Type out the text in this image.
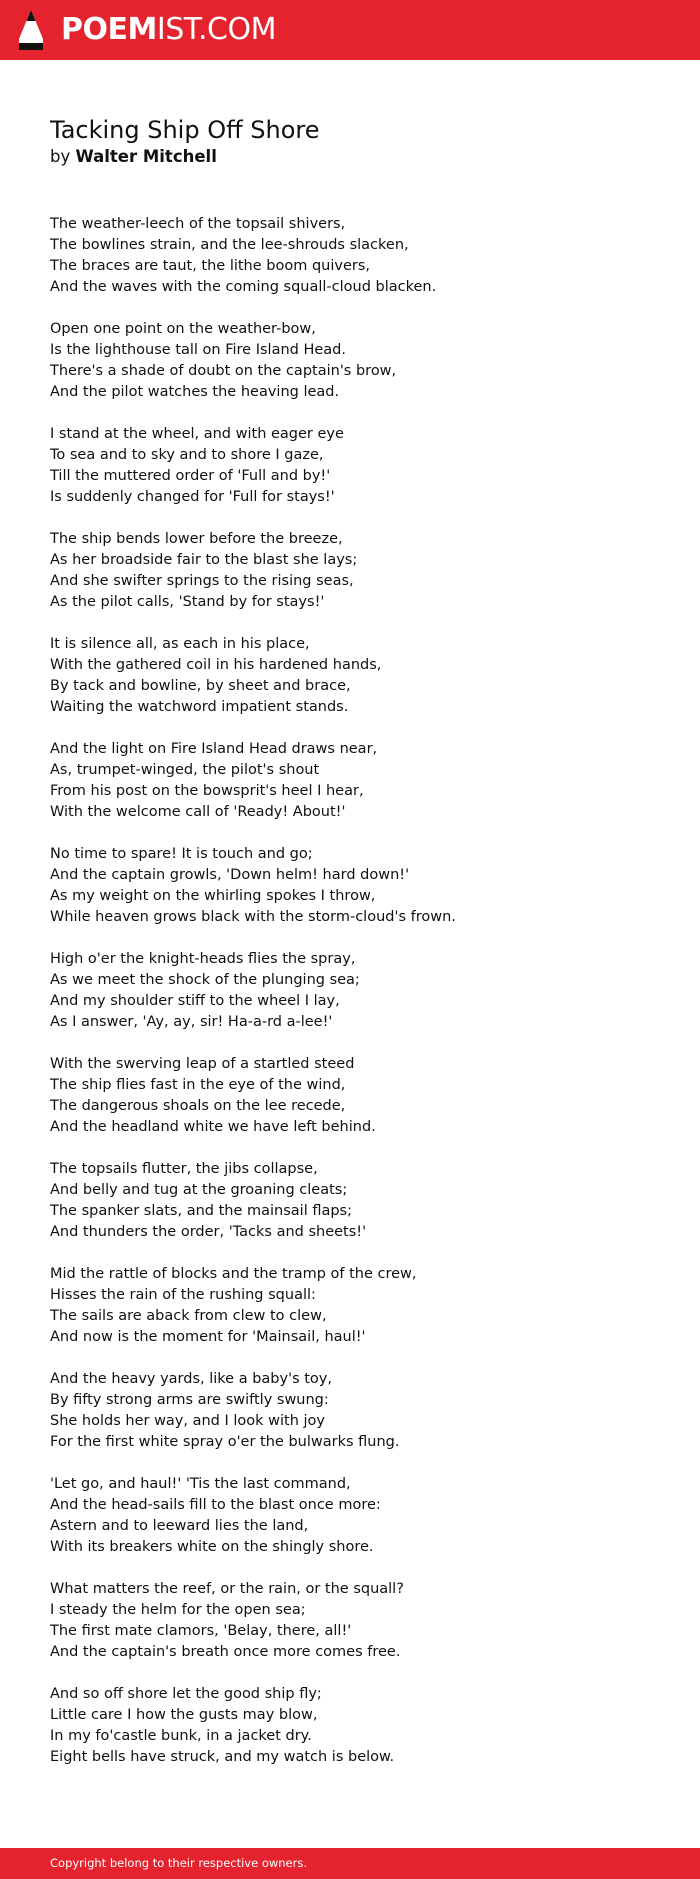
POEMIST.COM
Tacking Ship Off Shore

by Walter Mitchell

The weather-leech of the topsail shivers,
The bowlines strain, and the lee-shrouds slacken,
The braces are taut, the lithe boom quivers,
And the waves with the coming squall-cloud blacken.

Open one point on the weather-bow,
Is the lighthouse tall on Fire Island Head.
There's a shade of doubt on the captain's brow,
And the pilot watches the heaving lead.

I stand at the wheel, and with eager eye
To sea and to sky and to shore I gaze,
Till the muttered order of 'Full and by!'
Is suddenly changed for 'Full for stays!'

The ship bends lower before the breeze,
As her broadside fair to the blast she lays;
And she swifter springs to the rising seas,
As the pilot calls, 'Stand by for stays!'

It is silence all, as each in his place,
With the gathered coil in his hardened hands,
By tack and bowline, by sheet and brace,
Waiting the watchword impatient stands.

And the light on Fire Island Head draws near,
As, trumpet-winged, the pilot's shout
From his post on the bowsprit's heel I hear,
With the welcome call of 'Ready! About!'

No time to spare! It is touch and go;
And the captain growls, 'Down helm! hard down!'
As my weight on the whirling spokes I throw,
While heaven grows black with the storm-cloud's frown.

High o'er the knight-heads flies the spray,
As we meet the shock of the plunging sea;
And my shoulder stiff to the wheel I lay,
As I answer, 'Ay, ay, sir! Ha-a-rd a-lee!'

With the swerving leap of a startled steed
The ship flies fast in the eye of the wind,
The dangerous shoals on the lee recede,
And the headland white we have left behind.

The topsails flutter, the jibs collapse,
And belly and tug at the groaning cleats;
The spanker slats, and the mainsail flaps;
And thunders the order, 'Tacks and sheets!'

Mid the rattle of blocks and the tramp of the crew,
Hisses the rain of the rushing squall:
The sails are aback from clew to clew,
And now is the moment for 'Mainsail, haul!'

And the heavy yards, like a baby's toy,
By fifty strong arms are swiftly swung:
She holds her way, and I look with joy
For the first white spray o'er the bulwarks flung.

'Let go, and haul!' 'Tis the last command,
And the head-sails fill to the blast once more:
Astern and to leeward lies the land,
With its breakers white on the shingly shore.

What matters the reef, or the rain, or the squall?
I steady the helm for the open sea;
The first mate clamors, 'Belay, there, all!'
And the captain's breath once more comes free.

And so off shore let the good ship fly;
Little care I how the gusts may blow,
In my fo'castle bunk, in a jacket dry.
Eight bells have struck, and my watch is below.

Copyright belong to their respective owners.
